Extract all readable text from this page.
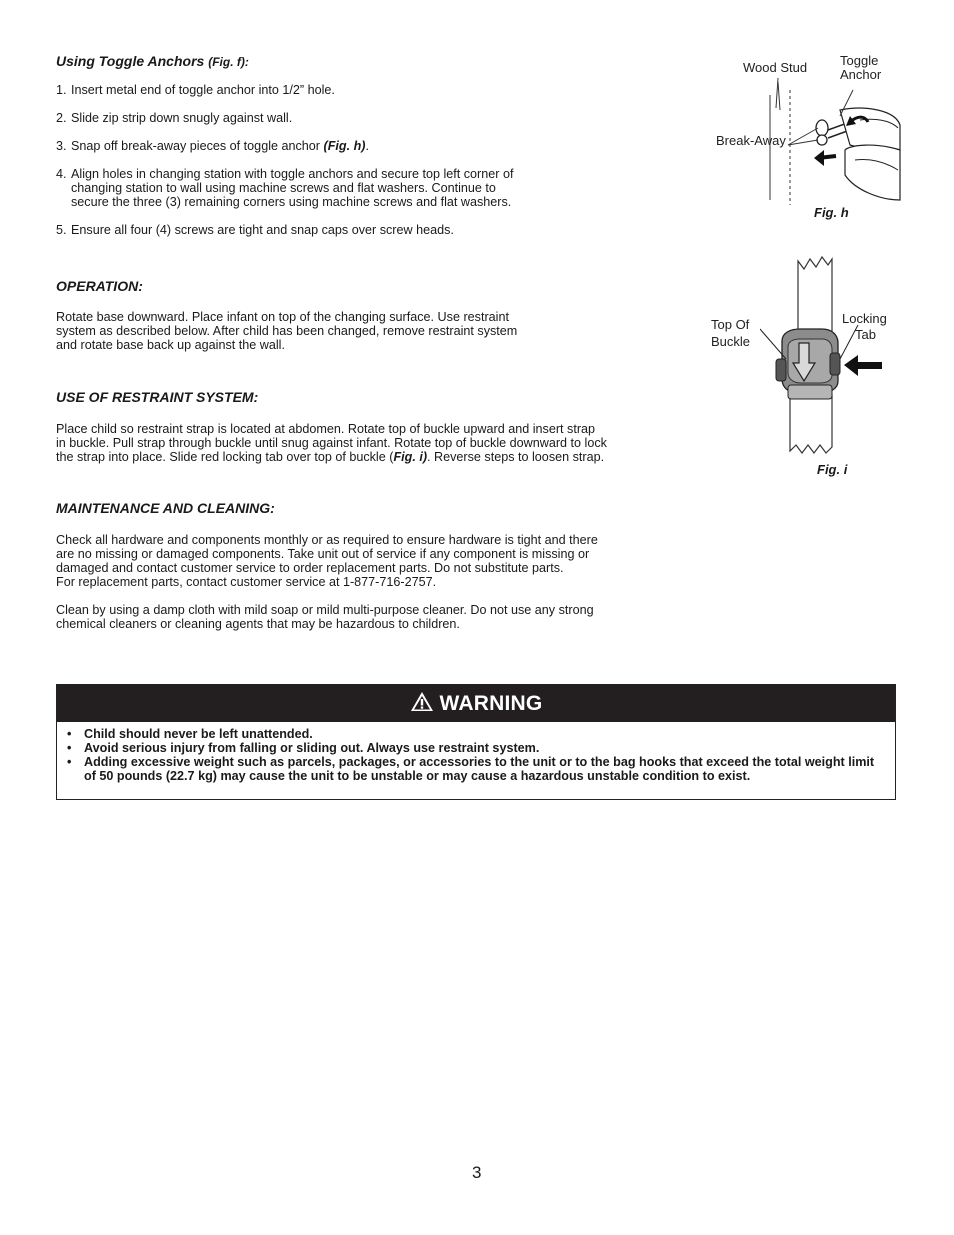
Using Toggle Anchors (Fig. f):
1. Insert metal end of toggle anchor into 1/2” hole.
2. Slide zip strip down snugly against wall.
3. Snap off break-away pieces of toggle anchor (Fig. h).
4. Align holes in changing station with toggle anchors and secure top left corner of
changing station to wall using machine screws and flat washers. Continue to
secure the three (3) remaining corners using machine screws and flat washers.
5. Ensure all four (4) screws are tight and snap caps over screw heads.
OPERATION:
Rotate base downward. Place infant on top of the changing surface. Use restraint
system as described below. After child has been changed, remove restraint system
and rotate base back up against the wall.
USE OF RESTRAINT SYSTEM:
Place child so restraint strap is located at abdomen. Rotate top of buckle upward and insert strap
in buckle. Pull strap through buckle until snug against infant. Rotate top of buckle downward to lock
the strap into place. Slide red locking tab over top of buckle (Fig. i). Reverse steps to loosen strap.
MAINTENANCE AND CLEANING:
Check all hardware and components monthly or as required to ensure hardware is tight and there
are no missing or damaged components. Take unit out of service if any component is missing or
damaged and contact customer service to order replacement parts. Do not substitute parts.
For replacement parts, contact customer service at 1-877-716-2757.
Clean by using a damp cloth with mild soap or mild multi-purpose cleaner. Do not use any strong
chemical cleaners or cleaning agents that may be hazardous to children.
Wood Stud	Toggle
Anchor
Break-Away
Fig. h
Top Of
Buckle
Locking
Tab
Fig. i
WARNING
• Child should never be left unattended.
• Avoid serious injury from falling or sliding out. Always use restraint system.
• Adding excessive weight such as parcels, packages, or accessories to the unit or to the bag hooks that exceed the total weight limit of 50 pounds (22.7 kg) may cause the unit to be unstable or may cause a hazardous unstable condition to exist.
3
